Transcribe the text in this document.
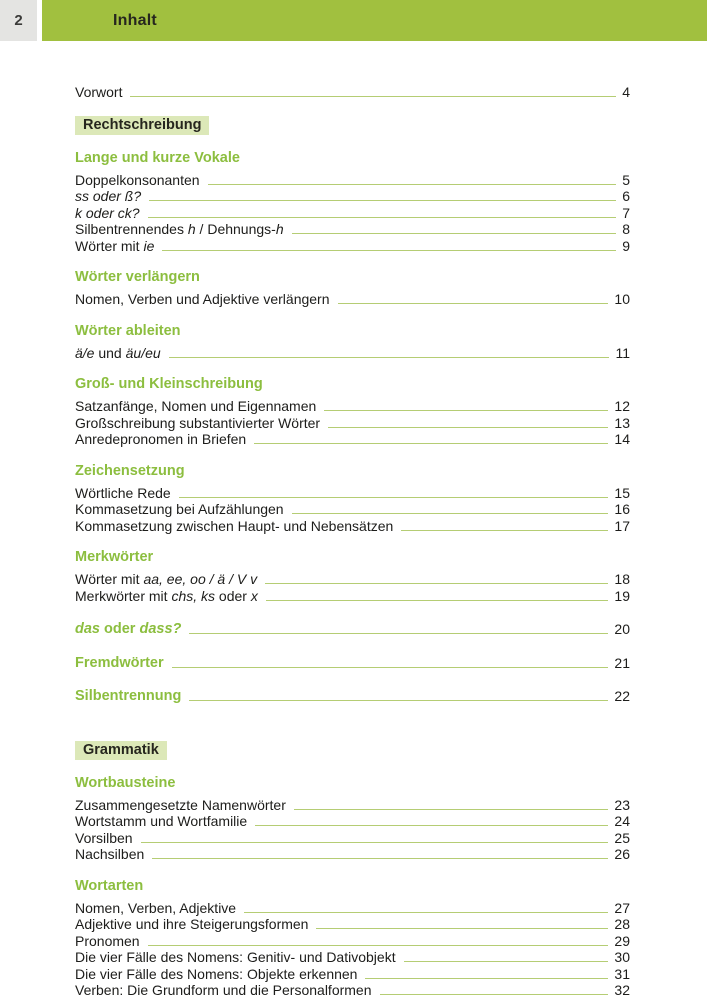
2	Inhalt
Vorwort	4
Rechtschreibung
Lange und kurze Vokale
Doppelkonsonanten	5
ss oder ß?	6
k oder ck?	7
Silbentrennendes h / Dehnungs-h	8
Wörter mit ie	9
Wörter verlängern
Nomen, Verben und Adjektive verlängern	10
Wörter ableiten
ä/e und äu/eu	11
Groß- und Kleinschreibung
Satzanfänge, Nomen und Eigennamen	12
Großschreibung substantivierter Wörter	13
Anredepronomen in Briefen	14
Zeichensetzung
Wörtliche Rede	15
Kommasetzung bei Aufzählungen	16
Kommasetzung zwischen Haupt- und Nebensätzen	17
Merkwörter
Wörter mit aa, ee, oo / ä / V v	18
Merkwörter mit chs, ks oder x	19
das oder dass?	20
Fremdwörter	21
Silbentrennung	22
Grammatik
Wortbausteine
Zusammengesetzte Namenwörter	23
Wortstamm und Wortfamilie	24
Vorsilben	25
Nachsilben	26
Wortarten
Nomen, Verben, Adjektive	27
Adjektive und ihre Steigerungsformen	28
Pronomen	29
Die vier Fälle des Nomens: Genitiv- und Dativobjekt	30
Die vier Fälle des Nomens: Objekte erkennen	31
Verben: Die Grundform und die Personalformen	32
